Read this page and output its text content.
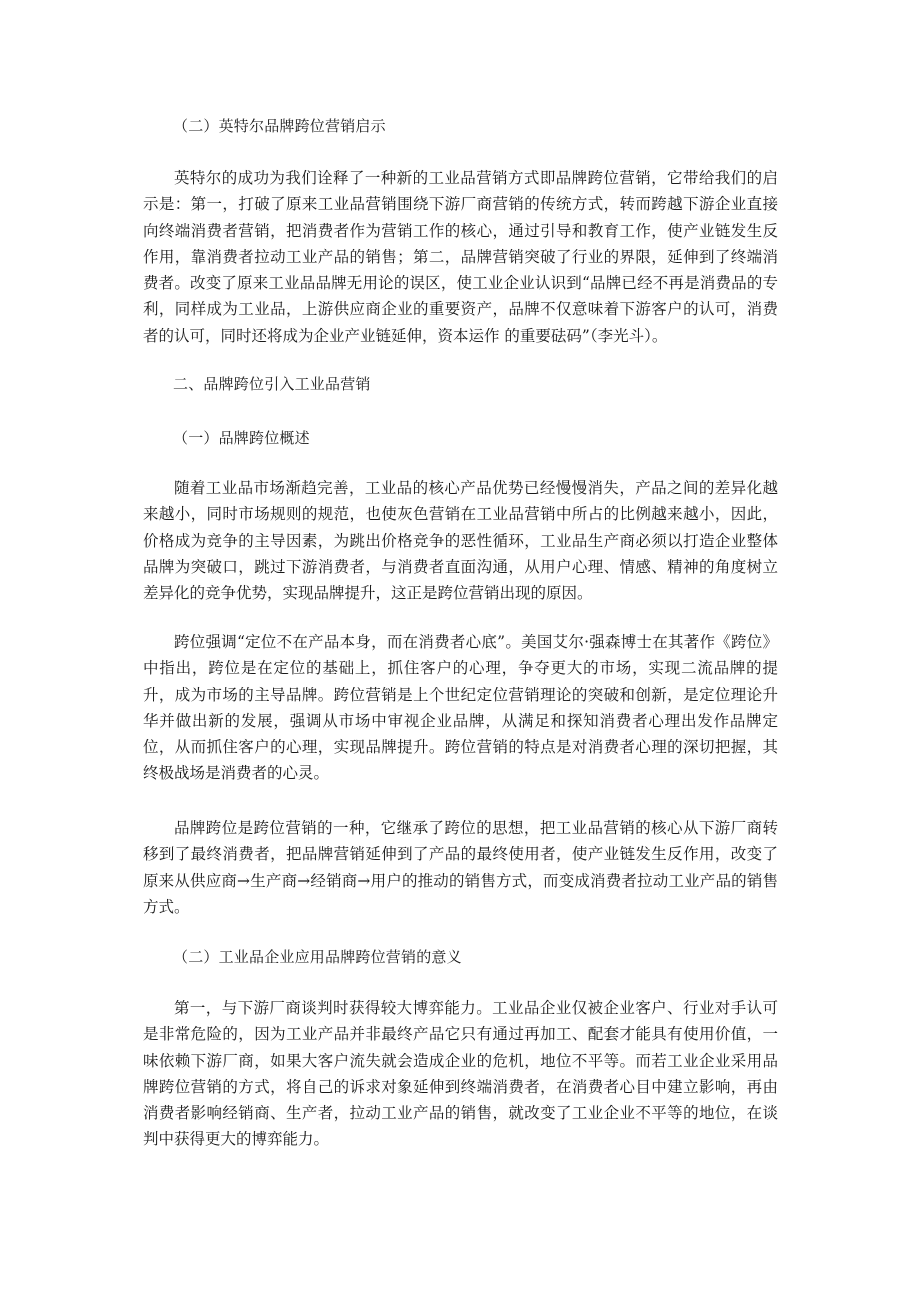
（二）英特尔品牌跨位营销启示

英特尔的成功为我们诠释了一种新的工业品营销方式即品牌跨位营销，它带给我们的启示是：第一，打破了原来工业品营销围绕下游厂商营销的传统方式，转而跨越下游企业直接向终端消费者营销，把消费者作为营销工作的核心，通过引导和教育工作，使产业链发生反作用，靠消费者拉动工业产品的销售；第二，品牌营销突破了行业的界限，延伸到了终端消费者。改变了原来工业品品牌无用论的误区，使工业企业认识到“品牌已经不再是消费品的专利，同样成为工业品，上游供应商企业的重要资产，品牌不仅意味着下游客户的认可，消费者的认可，同时还将成为企业产业链延伸，资本运作 的重要砝码”（李光斗）。

二、品牌跨位引入工业品营销
（一）品牌跨位概述

随着工业品市场渐趋完善，工业品的核心产品优势已经慢慢消失，产品之间的差异化越来越小，同时市场规则的规范，也使灰色营销在工业品营销中所占的比例越来越小，因此，价格成为竞争的主导因素，为跳出价格竞争的恶性循环，工业品生产商必须以打造企业整体品牌为突破口，跳过下游消费者，与消费者直面沟通，从用户心理、情感、精神的角度树立差异化的竞争优势，实现品牌提升，这正是跨位营销出现的原因。

跨位强调“定位不在产品本身，而在消费者心底”。美国艾尔·强森博士在其著作《跨位》中指出，跨位是在定位的基础上，抓住客户的心理，争夺更大的市场，实现二流品牌的提升，成为市场的主导品牌。跨位营销是上个世纪定位营销理论的突破和创新，是定位理论升华并做出新的发展，强调从市场中审视企业品牌，从满足和探知消费者心理出发作品牌定位，从而抓住客户的心理，实现品牌提升。跨位营销的特点是对消费者心理的深切把握，其终极战场是消费者的心灵。

品牌跨位是跨位营销的一种，它继承了跨位的思想，把工业品营销的核心从下游厂商转移到了最终消费者，把品牌营销延伸到了产品的最终使用者，使产业链发生反作用，改变了原来从供应商→生产商→经销商→用户的推动的销售方式，而变成消费者拉动工业产品的销售方式。

（二）工业品企业应用品牌跨位营销的意义

第一，与下游厂商谈判时获得较大博弈能力。工业品企业仅被企业客户、行业对手认可是非常危险的，因为工业产品并非最终产品它只有通过再加工、配套才能具有使用价值，一味依赖下游厂商，如果大客户流失就会造成企业的危机，地位不平等。而若工业企业采用品牌跨位营销的方式，将自己的诉求对象延伸到终端消费者，在消费者心目中建立影响，再由消费者影响经销商、生产者，拉动工业产品的销售，就改变了工业企业不平等的地位，在谈判中获得更大的博弈能力。
